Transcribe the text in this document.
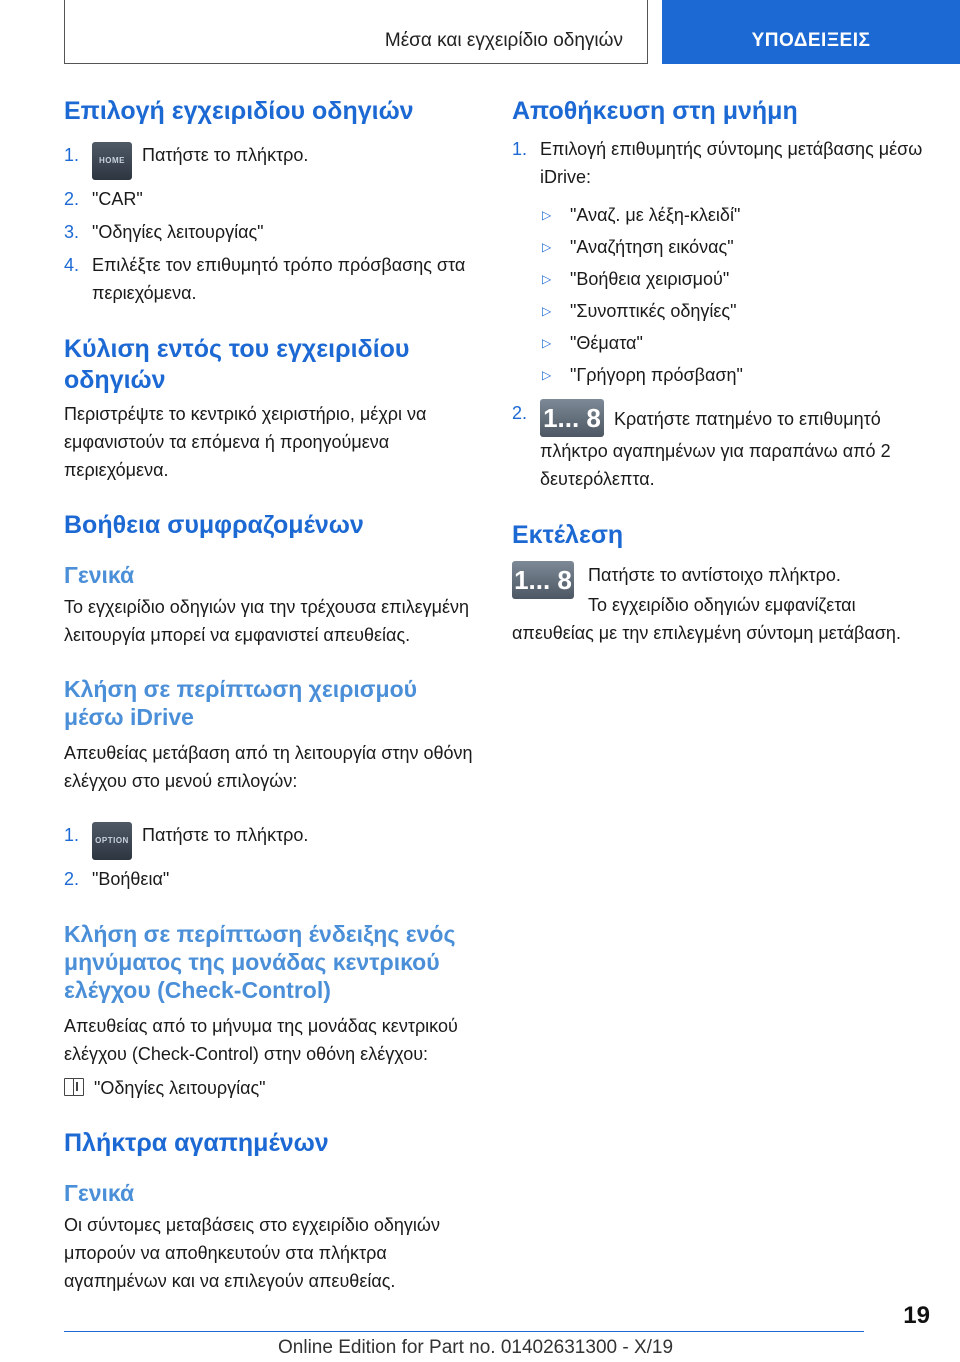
Μέσα και εγχειρίδιο οδηγιών	ΥΠΟΔΕΙΞΕΙΣ
Επιλογή εγχειριδίου οδηγιών
1. HOME Πατήστε το πλήκτρο.
2. "CAR"
3. "Οδηγίες λειτουργίας"
4. Επιλέξτε τον επιθυμητό τρόπο πρόσβασης στα περιεχόμενα.
Κύλιση εντός του εγχειριδίου οδηγιών

Περιστρέψτε το κεντρικό χειριστήριο, μέχρι να εμφανιστούν τα επόμενα ή προηγούμενα περιεχόμενα.

Βοήθεια συμφραζομένων
Γενικά

Το εγχειρίδιο οδηγιών για την τρέχουσα επιλεγμένη λειτουργία μπορεί να εμφανιστεί απευθείας.

Κλήση σε περίπτωση χειρισμού μέσω iDrive

Απευθείας μετάβαση από τη λειτουργία στην οθόνη ελέγχου στο μενού επιλογών:

1. OPTION Πατήστε το πλήκτρο.
2. "Βοήθεια"
Κλήση σε περίπτωση ένδειξης ενός μηνύματος της μονάδας κεντρικού ελέγχου (Check-Control)

Απευθείας από το μήνυμα της μονάδας κεντρικού ελέγχου (Check-Control) στην οθόνη ελέγχου:

"Οδηγίες λειτουργίας"

Πλήκτρα αγαπημένων
Γενικά

Οι σύντομες μεταβάσεις στο εγχειρίδιο οδηγιών μπορούν να αποθηκευτούν στα πλήκτρα αγαπημένων και να επιλεγούν απευθείας.

Αποθήκευση στη μνήμη
1. Επιλογή επιθυμητής σύντομης μετάβασης μέσω iDrive:
▷ "Αναζ. με λέξη-κλειδί"
▷ "Αναζήτηση εικόνας"
▷ "Βοήθεια χειρισμού"
▷ "Συνοπτικές οδηγίες"
▷ "Θέματα"
▷ "Γρήγορη πρόσβαση"
2. 1... 8 Κρατήστε πατημένο το επιθυμητό πλήκτρο αγαπημένων για παραπάνω από 2 δευτερόλεπτα.
Εκτέλεση
1... 8 Πατήστε το αντίστοιχο πλήκτρο.

Το εγχειρίδιο οδηγιών εμφανίζεται απευθείας με την επιλεγμένη σύντομη μετάβαση.

19
Online Edition for Part no. 01402631300 - X/19
